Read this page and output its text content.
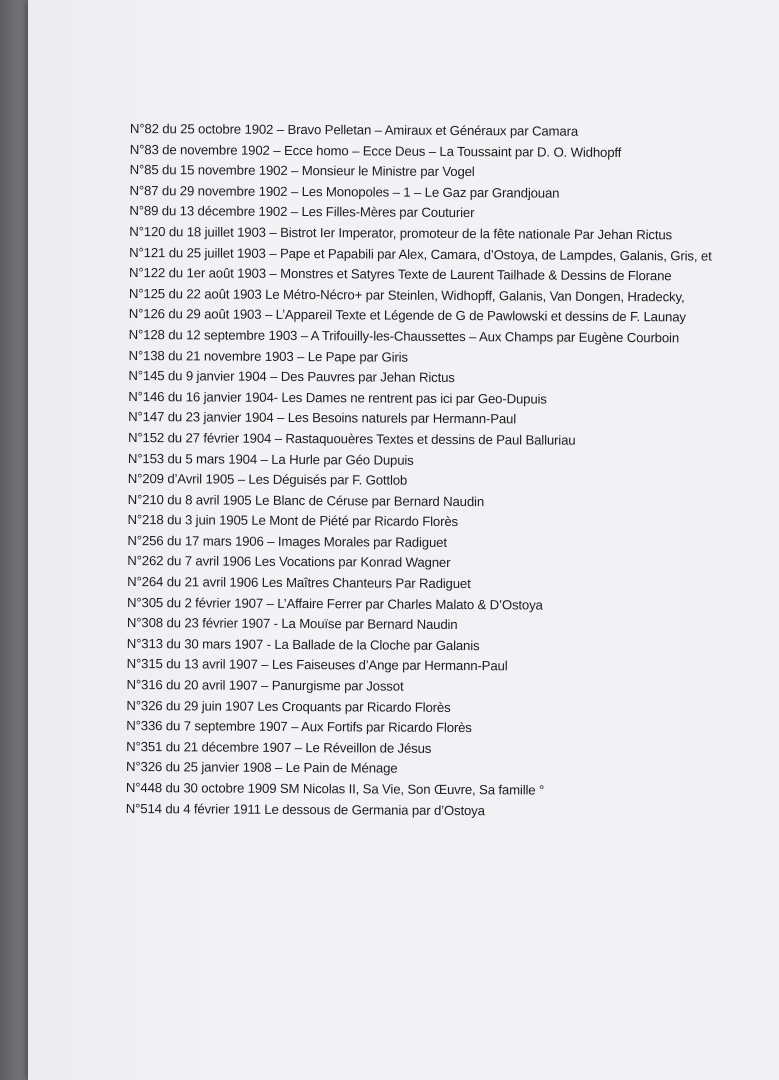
N°82 du 25 octobre 1902 – Bravo Pelletan – Amiraux et Généraux par Camara
N°83 de novembre 1902 – Ecce homo – Ecce Deus – La Toussaint par D. O. Widhopff
N°85 du 15 novembre 1902 – Monsieur le Ministre par Vogel
N°87 du 29 novembre 1902 – Les Monopoles – 1 – Le Gaz par Grandjouan
N°89 du 13 décembre 1902 – Les Filles-Mères par Couturier
N°120 du 18 juillet 1903 – Bistrot Ier Imperator, promoteur de la fête nationale Par Jehan Rictus
N°121 du 25 juillet 1903 – Pape et Papabili par Alex, Camara, d’Ostoya, de Lampdes, Galanis, Gris, et
N°122 du 1er août 1903 – Monstres et Satyres Texte de Laurent Tailhade & Dessins de Florane
N°125 du 22 août 1903 Le Métro-Nécro+ par Steinlen, Widhopff, Galanis, Van Dongen, Hradecky,
N°126 du 29 août 1903 – L’Appareil Texte et Légende de G de Pawlowski et dessins de F. Launay
N°128 du 12 septembre 1903 – A Trifouilly-les-Chaussettes – Aux Champs par Eugène Courboin
N°138 du 21 novembre 1903 – Le Pape par Giris
N°145 du 9 janvier 1904 – Des Pauvres par Jehan Rictus
N°146 du 16 janvier 1904- Les Dames ne rentrent pas ici par Geo-Dupuis
N°147 du 23 janvier 1904 – Les Besoins naturels par Hermann-Paul
N°152 du 27 février 1904 – Rastaquouères Textes et dessins de Paul Balluriau
N°153 du 5 mars 1904 – La Hurle par Géo Dupuis
N°209 d’Avril 1905 – Les Déguisés par F. Gottlob
N°210 du 8 avril 1905 Le Blanc de Céruse par Bernard Naudin
N°218 du 3 juin 1905 Le Mont de Piété par Ricardo Florès
N°256 du 17 mars 1906 – Images Morales par Radiguet
N°262 du 7 avril 1906 Les Vocations par Konrad Wagner
N°264 du 21 avril 1906 Les Maîtres Chanteurs Par Radiguet
N°305 du 2 février 1907 – L’Affaire Ferrer par Charles Malato & D’Ostoya
N°308 du 23 février 1907 - La Mouïse par Bernard Naudin
N°313 du 30 mars 1907 - La Ballade de la Cloche par Galanis
N°315 du 13 avril 1907 – Les Faiseuses d’Ange par Hermann-Paul
N°316 du 20 avril 1907 – Panurgisme par Jossot
N°326 du 29 juin 1907 Les Croquants par Ricardo Florès
N°336 du 7 septembre 1907 – Aux Fortifs par Ricardo Florès
N°351 du 21 décembre 1907 – Le Réveillon de Jésus
N°326 du 25 janvier 1908 – Le Pain de Ménage
N°448 du 30 octobre 1909 SM Nicolas II, Sa Vie, Son Œuvre, Sa famille °
N°514 du 4 février 1911 Le dessous de Germania par d’Ostoya
